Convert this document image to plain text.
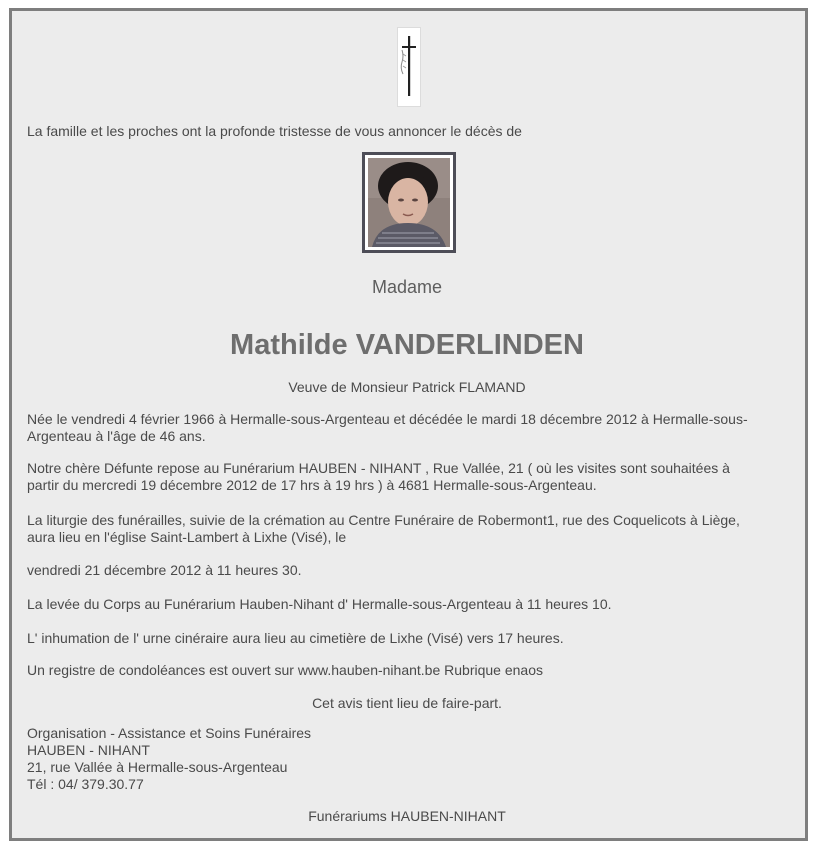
La famille et les proches ont la profonde tristesse de vous annoncer le décès de
Madame
Mathilde VANDERLINDEN
Veuve de Monsieur Patrick FLAMAND
Née le vendredi 4 février 1966 à Hermalle-sous-Argenteau et décédée le mardi 18 décembre 2012 à Hermalle-sous-
Argenteau à l'âge de 46 ans.
Notre chère Défunte repose au Funérarium HAUBEN - NIHANT , Rue Vallée, 21 ( où les visites sont souhaitées à
partir du mercredi 19 décembre 2012 de 17 hrs à 19 hrs ) à 4681 Hermalle-sous-Argenteau.
La liturgie des funérailles, suivie de la crémation au Centre Funéraire de Robermont1, rue des Coquelicots à Liège,
aura lieu en l'église Saint-Lambert à Lixhe (Visé), le
vendredi 21 décembre 2012 à 11 heures 30.
La levée du Corps au Funérarium Hauben-Nihant d' Hermalle-sous-Argenteau à 11 heures 10.
L' inhumation de l' urne cinéraire aura lieu au cimetière de Lixhe (Visé) vers 17 heures.
Un registre de condoléances est ouvert sur www.hauben-nihant.be Rubrique enaos
Cet avis tient lieu de faire-part.
Organisation - Assistance et Soins Funéraires
HAUBEN - NIHANT
21, rue Vallée à Hermalle-sous-Argenteau
Tél : 04/ 379.30.77
Funérariums HAUBEN-NIHANT
